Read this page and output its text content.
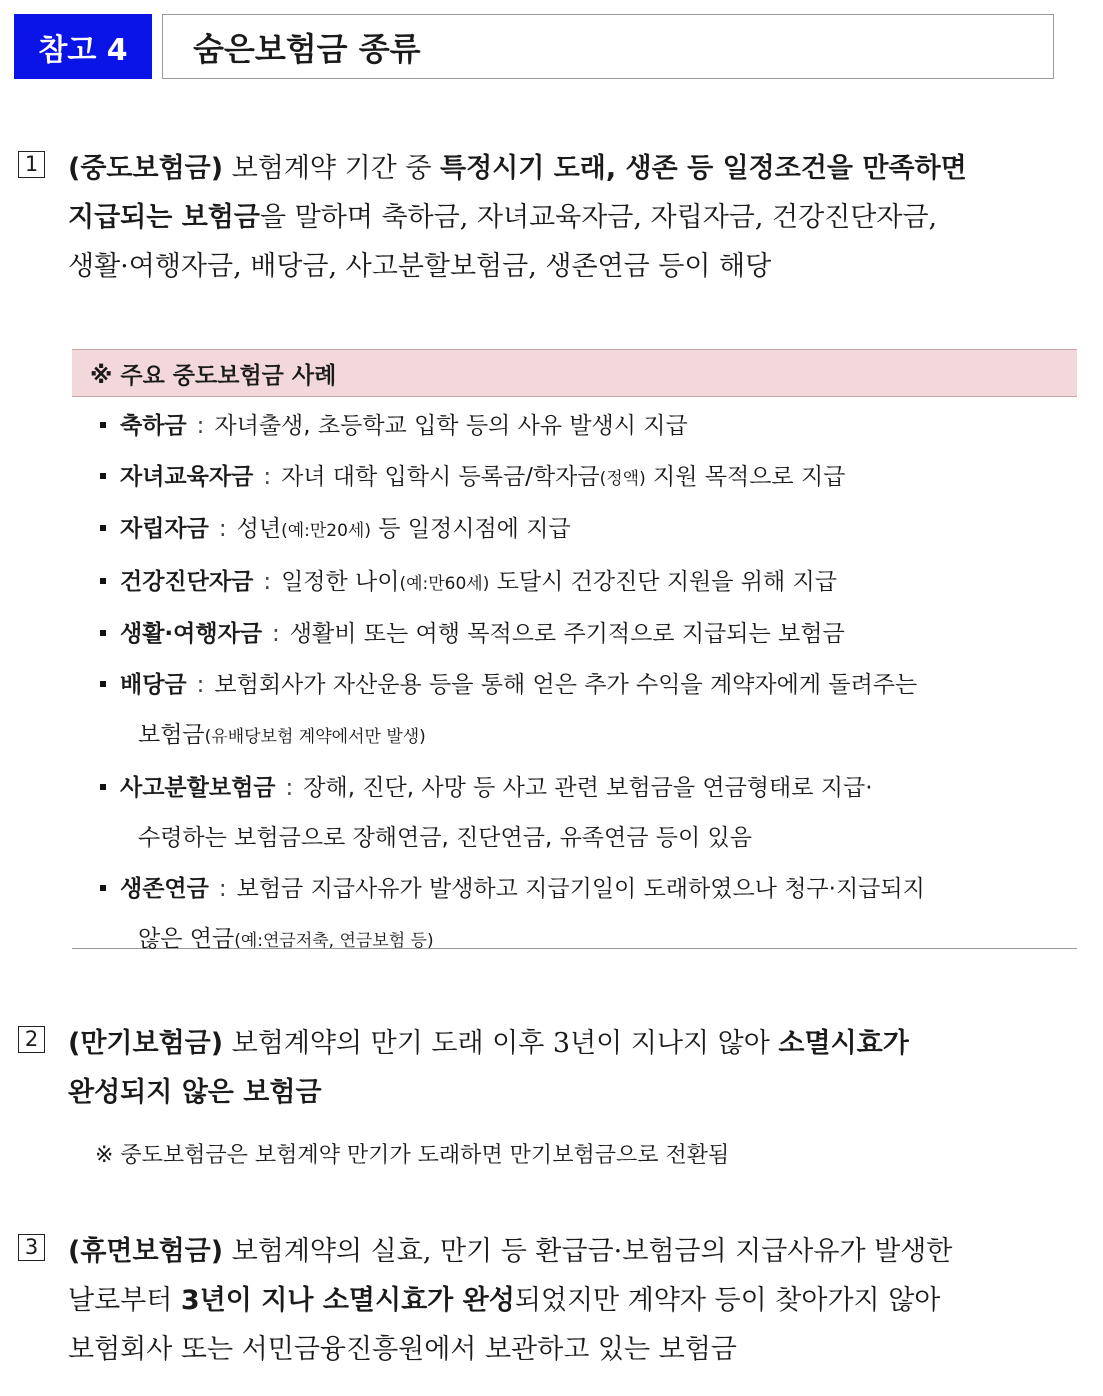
참고 4 숨은보험금 종류
1 (중도보험금) 보험계약 기간 중 특정시기 도래, 생존 등 일정조건을 만족하면
지급되는 보험금을 말하며 축하금, 자녀교육자금, 자립자금, 건강진단자금,
생활·여행자금, 배당금, 사고분할보험금, 생존연금 등이 해당
※ 주요 중도보험금 사례
축하금 : 자녀출생, 초등학교 입학 등의 사유 발생시 지급
자녀교육자금 : 자녀 대학 입학시 등록금/학자금(정액) 지원 목적으로 지급
자립자금 : 성년(예:만20세) 등 일정시점에 지급
건강진단자금 : 일정한 나이(예:만60세) 도달시 건강진단 지원을 위해 지급
생활·여행자금 : 생활비 또는 여행 목적으로 주기적으로 지급되는 보험금
배당금 : 보험회사가 자산운용 등을 통해 얻은 추가 수익을 계약자에게 돌려주는
보험금(유배당보험 계약에서만 발생)
사고분할보험금 : 장해, 진단, 사망 등 사고 관련 보험금을 연금형태로 지급·
수령하는 보험금으로 장해연금, 진단연금, 유족연금 등이 있음
생존연금 : 보험금 지급사유가 발생하고 지급기일이 도래하였으나 청구·지급되지
않은 연금(예:연금저축, 연금보험 등)
2 (만기보험금) 보험계약의 만기 도래 이후 3년이 지나지 않아 소멸시효가
완성되지 않은 보험금
※ 중도보험금은 보험계약 만기가 도래하면 만기보험금으로 전환됨
3 (휴면보험금) 보험계약의 실효, 만기 등 환급금·보험금의 지급사유가 발생한
날로부터 3년이 지나 소멸시효가 완성되었지만 계약자 등이 찾아가지 않아
보험회사 또는 서민금융진흥원에서 보관하고 있는 보험금
